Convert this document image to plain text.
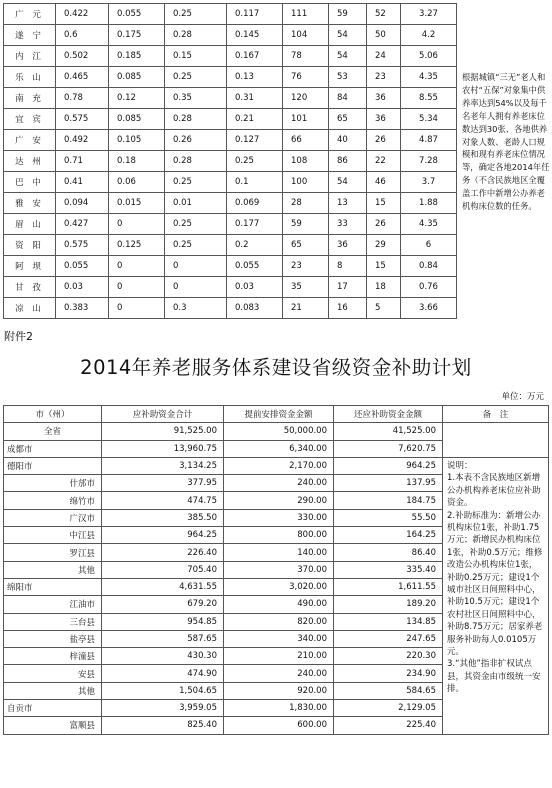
广 元	0.422	0.055	0.25	0.117	111	59	52	3.27
遂 宁	0.6	0.175	0.28	0.145	104	54	50	4.2
内 江	0.502	0.185	0.15	0.167	78	54	24	5.06
乐 山	0.465	0.085	0.25	0.13	76	53	23	4.35
南 充	0.78	0.12	0.35	0.31	120	84	36	8.55
宜 宾	0.575	0.085	0.28	0.21	101	65	36	5.34
广 安	0.492	0.105	0.26	0.127	66	40	26	4.87
达 州	0.71	0.18	0.28	0.25	108	86	22	7.28
巴 中	0.41	0.06	0.25	0.1	100	54	46	3.7
雅 安	0.094	0.015	0.01	0.069	28	13	15	1.88
眉 山	0.427	0	0.25	0.177	59	33	26	4.35
资 阳	0.575	0.125	0.25	0.2	65	36	29	6
阿 坝	0.055	0	0	0.055	23	8	15	0.84
甘 孜	0.03	0	0	0.03	35	17	18	0.76
凉 山	0.383	0	0.3	0.083	21	16	5	3.66
根据城镇“三无”老人和农村“五保”对象集中供养率达到54%以及每千名老年人拥有养老床位数达到30张、各地供养对象人数、老龄人口规模和现有养老床位情况等，确定各地2014年任务（不含民族地区全覆盖工作中新增公办养老机构床位数的任务。
附件2
2014年养老服务体系建设省级资金补助计划
单位：万元
市（州）	应补助资金合计	提前安排资金金额	还应补助资金金额	备　注
全省	91,525.00	50,000.00	41,525.00	
成都市	13,960.75	6,340.00	7,620.75	
德阳市	3,134.25	2,170.00	964.25	说明：
1.本表不含民族地区新增公办机构养老床位应补助资金。
2.补助标准为：新增公办机构床位1张，补助1.75万元；新增民办机构床位1张，补助0.5万元；维修改造公办机构床位1张，补助0.25万元；建设1个城市社区日间照料中心，补助10.5万元；建设1个农村社区日间照料中心，补助8.75万元；居家养老服务补助每人0.0105万元。
3.“其他”指非扩权试点县，其资金由市级统一安排。
什邡市	377.95	240.00	137.95	
绵竹市	474.75	290.00	184.75	
广汉市	385.50	330.00	55.50	
中江县	964.25	800.00	164.25	
罗江县	226.40	140.00	86.40	
其他	705.40	370.00	335.40	
绵阳市	4,631.55	3,020.00	1,611.55	
江油市	679.20	490.00	189.20	
三台县	954.85	820.00	134.85	
盐亭县	587.65	340.00	247.65	
梓潼县	430.30	210.00	220.30	
安县	474.90	240.00	234.90	
其他	1,504.65	920.00	584.65	
自贡市	3,959.05	1,830.00	2,129.05	
富顺县	825.40	600.00	225.40	
